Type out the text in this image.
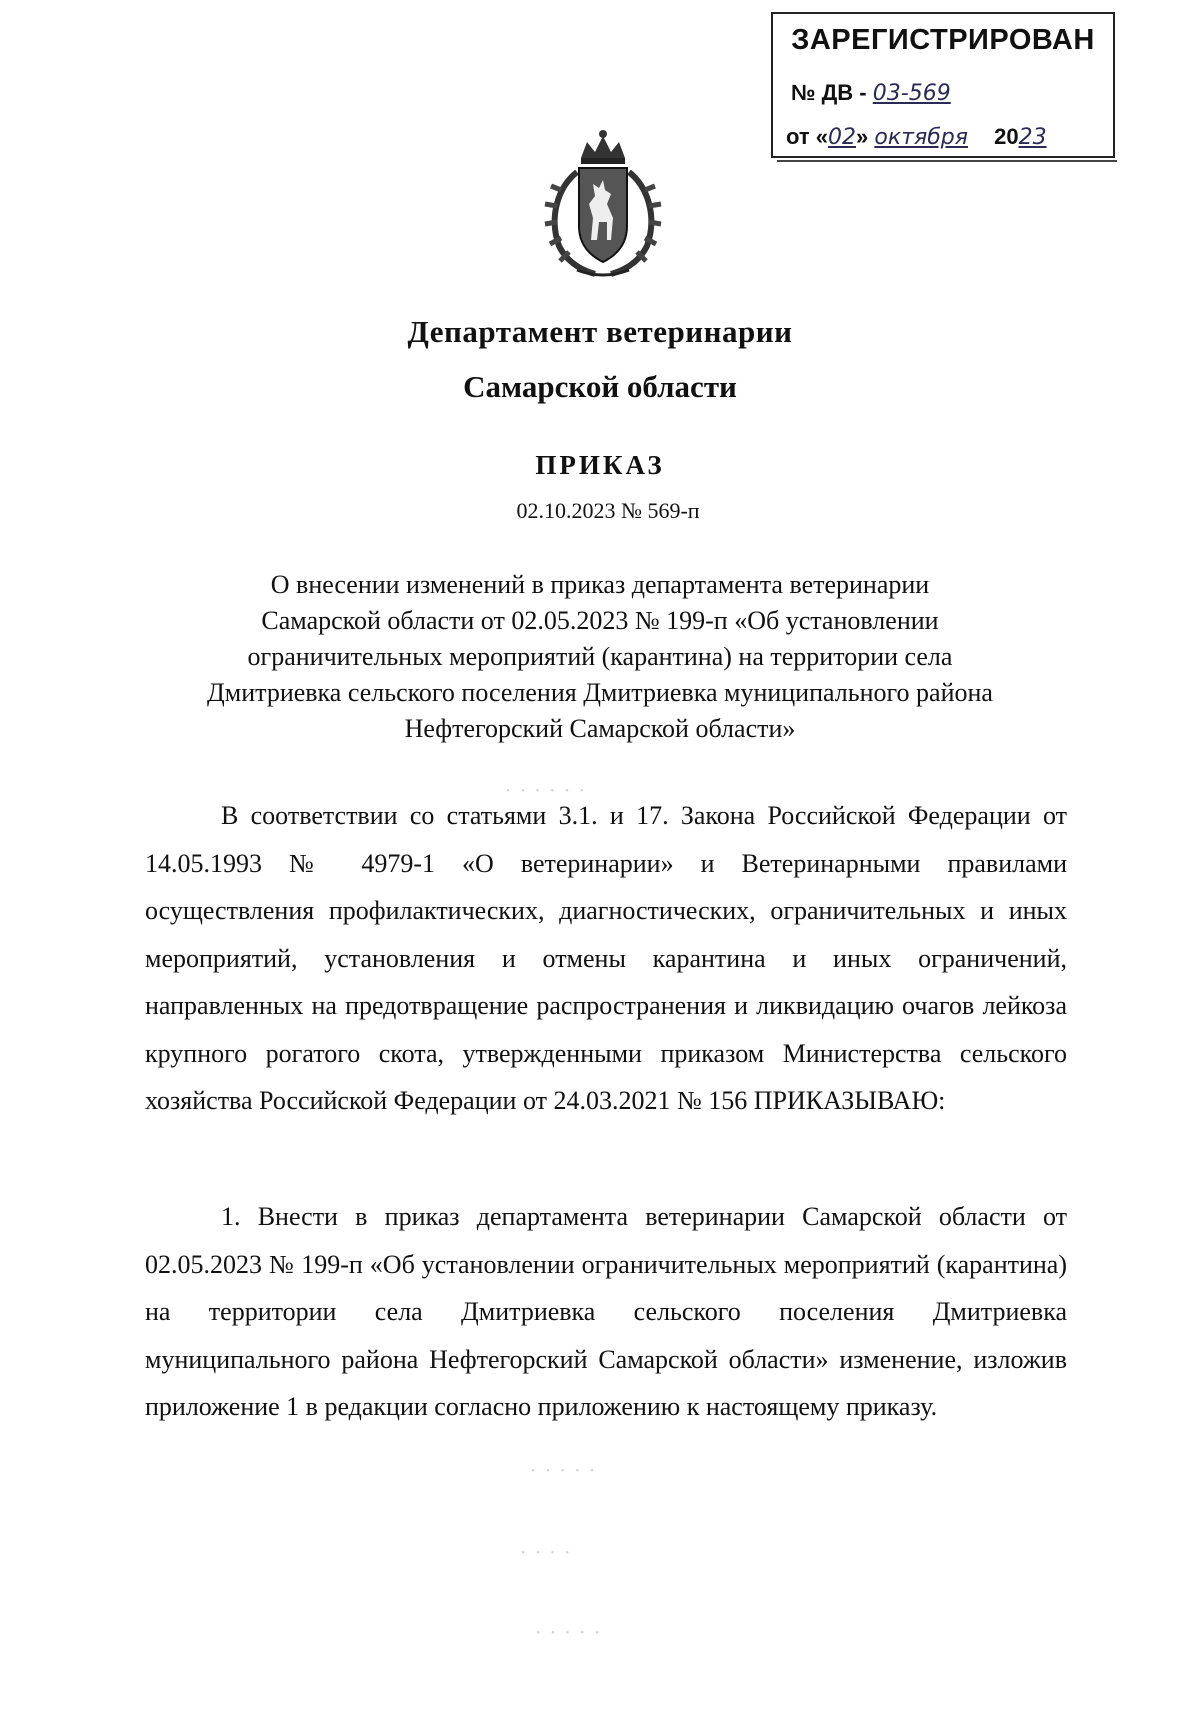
ЗАРЕГИСТРИРОВАН
№ ДВ - 03-569
от «02» октября 2023
Департамент ветеринарии
Самарской области
ПРИКАЗ
02.10.2023 № 569-п
О внесении изменений в приказ департамента ветеринарии
Самарской области от 02.05.2023 № 199-п «Об установлении
ограничительных мероприятий (карантина) на территории села
Дмитриевка сельского поселения Дмитриевка муниципального района
Нефтегорский Самарской области»

В соответствии со статьями 3.1. и 17. Закона Российской Федерации от 14.05.1993 № 4979-1 «О ветеринарии» и Ветеринарными правилами осуществления профилактических, диагностических, ограничительных и иных мероприятий, установления и отмены карантина и иных ограничений, направленных на предотвращение распространения и ликвидацию очагов лейкоза крупного рогатого скота, утвержденными приказом Министерства сельского хозяйства Российской Федерации от 24.03.2021 № 156 ПРИКАЗЫВАЮ:

1. Внести в приказ департамента ветеринарии Самарской области от 02.05.2023 № 199-п «Об установлении ограничительных мероприятий (карантина) на территории села Дмитриевка сельского поселения Дмитриевка муниципального района Нефтегорский Самарской области» изменение, изложив приложение 1 в редакции согласно приложению к настоящему приказу.

· · · · · ·
· · · · ·
· · · ·
· · · · ·
